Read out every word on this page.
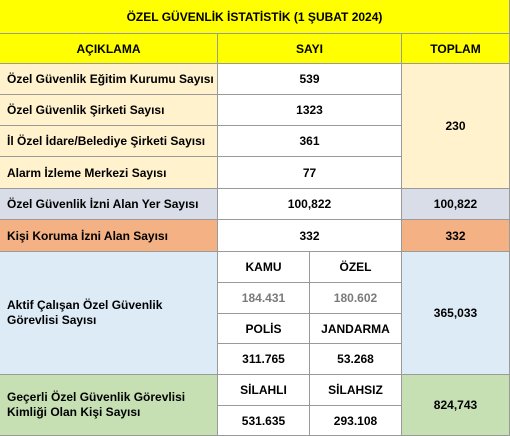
ÖZEL GÜVENLİK İSTATİSTİK (1 ŞUBAT 2024)
AÇIKLAMA	SAYI	TOPLAM
Özel Güvenlik Eğitim Kurumu Sayısı	539
Özel Güvenlik Şirketi Sayısı	1323
İl Özel İdare/Belediye Şirketi Sayısı	361
Alarm İzleme Merkezi Sayısı	77
230
Özel Güvenlik İzni Alan Yer Sayısı	100,822	100,822
Kişi Koruma İzni Alan Sayısı	332	332
Aktif Çalışan Özel Güvenlik Görevlisi Sayısı
KAMU	ÖZEL
184.431	180.602
POLİS	JANDARMA
311.765	53.268
365,033
Geçerli Özel Güvenlik Görevlisi Kimliği Olan Kişi Sayısı
SİLAHLI	SİLAHSIZ
531.635	293.108
824,743
